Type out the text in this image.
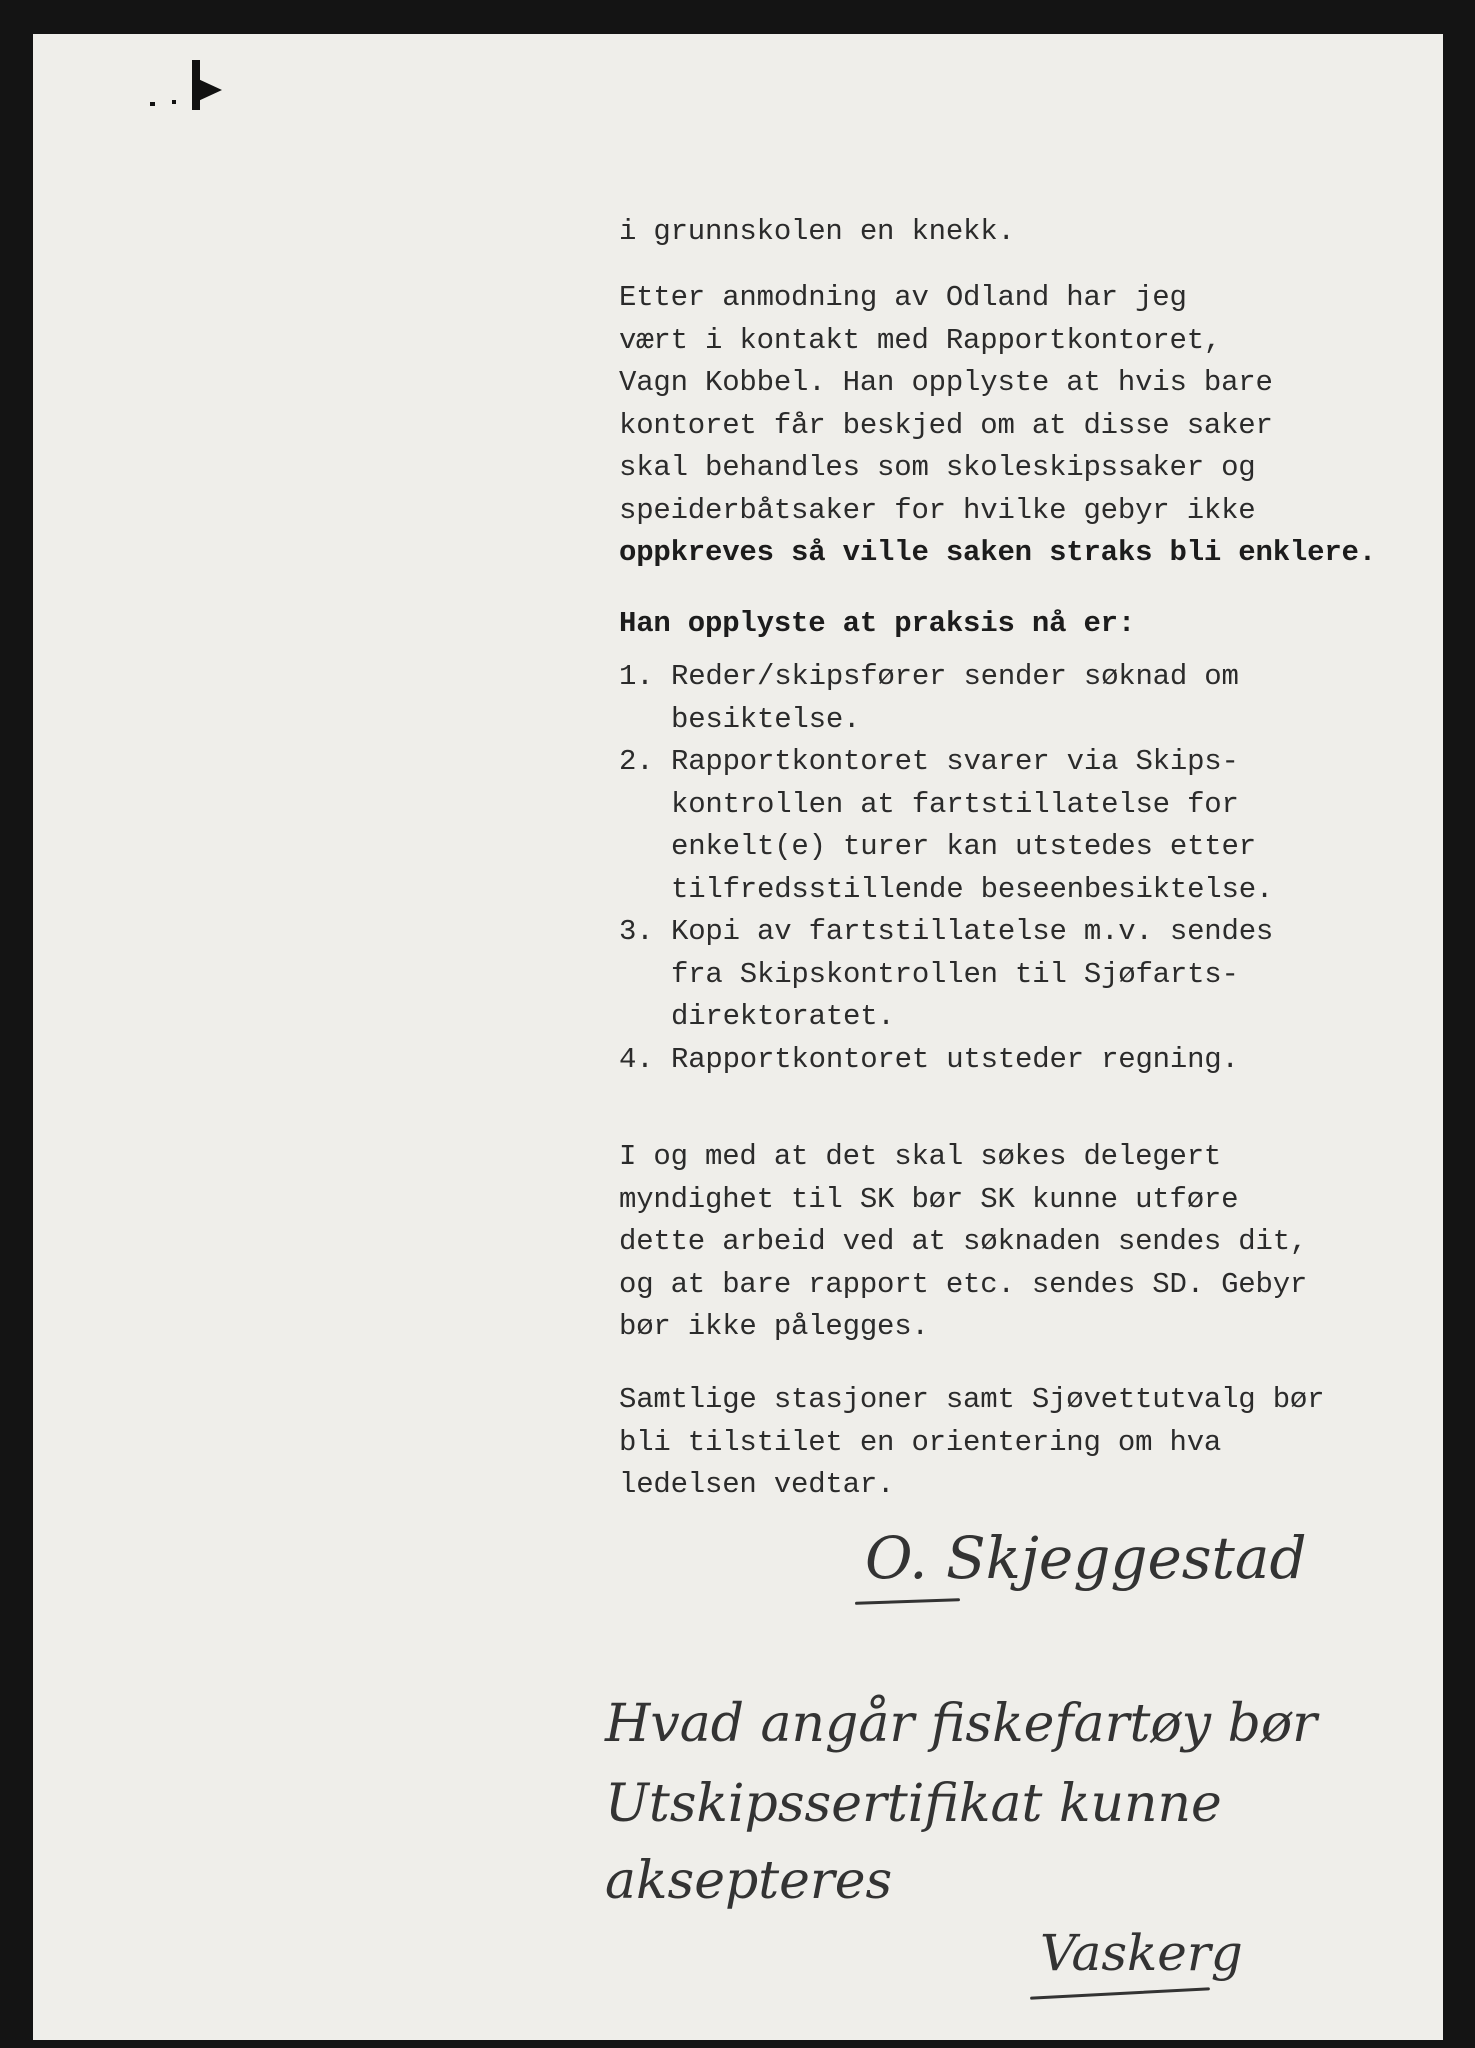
i grunnskolen en knekk.
Etter anmodning av Odland har jeg
vært i kontakt med Rapportkontoret,
Vagn Kobbel. Han opplyste at hvis bare
kontoret får beskjed om at disse saker
skal behandles som skoleskipssaker og
speiderbåtsaker for hvilke gebyr ikke
oppkreves så ville saken straks bli enklere.
Han opplyste at praksis nå er:
1. Reder/skipsfører sender søknad om
besiktelse.
2. Rapportkontoret svarer via Skips-
kontrollen at fartstillatelse for
enkelt(e) turer kan utstedes etter
tilfredsstillende beseenbesiktelse.
3. Kopi av fartstillatelse m.v. sendes
fra Skipskontrollen til Sjøfarts-
direktoratet.
4. Rapportkontoret utsteder regning.
I og med at det skal søkes delegert
myndighet til SK bør SK kunne utføre
dette arbeid ved at søknaden sendes dit,
og at bare rapport etc. sendes SD. Gebyr
bør ikke pålegges.
Samtlige stasjoner samt Sjøvettutvalg bør
bli tilstilet en orientering om hva
ledelsen vedtar.
O. Skjeggestad
Hvad angår fiskefartøy bør
Utskipssertifikat kunne
aksepteres
Vaskerg
